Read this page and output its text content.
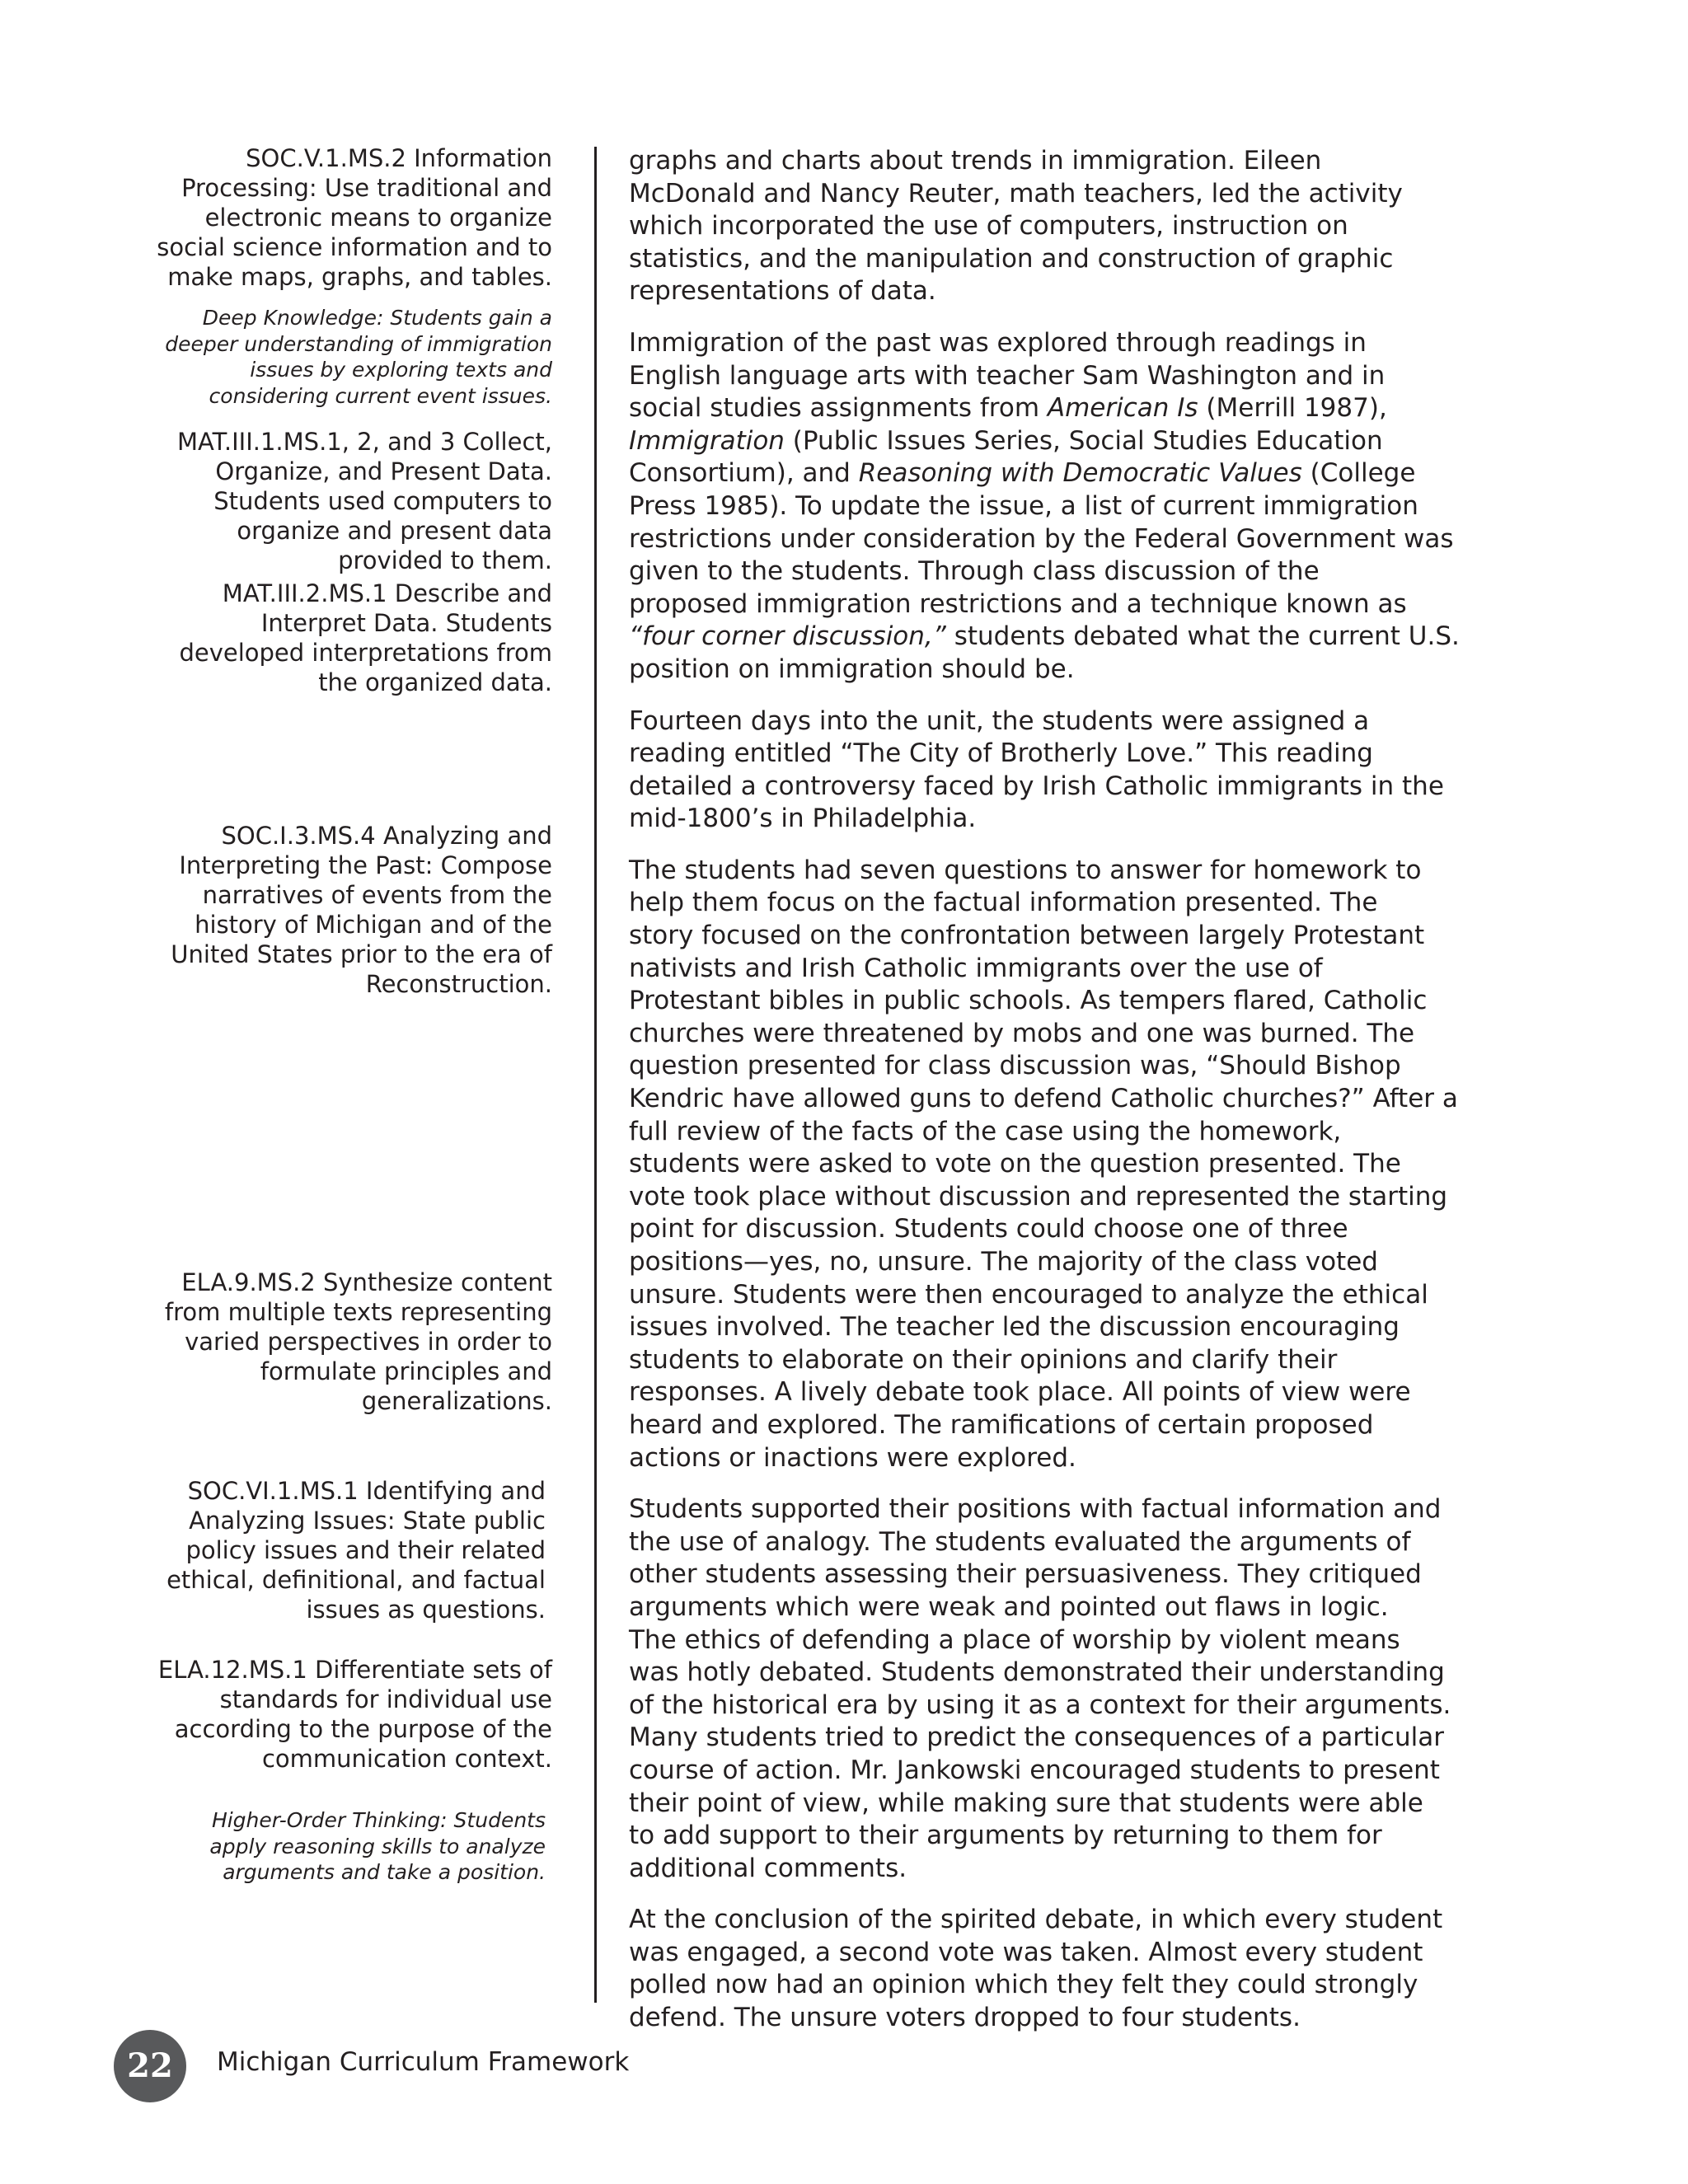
SOC.V.1.MS.2 Information
Processing: Use traditional and
electronic means to organize
social science information and to
make maps, graphs, and tables.

Deep Knowledge: Students gain a
deeper understanding of immigration
issues by exploring texts and
considering current event issues.

MAT.III.1.MS.1, 2, and 3 Collect,
Organize, and Present Data.
Students used computers to
organize and present data
provided to them.

MAT.III.2.MS.1 Describe and
Interpret Data. Students
developed interpretations from
the organized data.

SOC.I.3.MS.4 Analyzing and
Interpreting the Past: Compose
narratives of events from the
history of Michigan and of the
United States prior to the era of
Reconstruction.

ELA.9.MS.2 Synthesize content
from multiple texts representing
varied perspectives in order to
formulate principles and
generalizations.

SOC.VI.1.MS.1 Identifying and
Analyzing Issues: State public
policy issues and their related
ethical, definitional, and factual
issues as questions.

ELA.12.MS.1 Differentiate sets of
standards for individual use
according to the purpose of the
communication context.

Higher-Order Thinking: Students
apply reasoning skills to analyze
arguments and take a position.

graphs and charts about trends in immigration. Eileen
McDonald and Nancy Reuter, math teachers, led the activity
which incorporated the use of computers, instruction on
statistics, and the manipulation and construction of graphic
representations of data.

Immigration of the past was explored through readings in
English language arts with teacher Sam Washington and in
social studies assignments from American Is (Merrill 1987),
Immigration (Public Issues Series, Social Studies Education
Consortium), and Reasoning with Democratic Values (College
Press 1985). To update the issue, a list of current immigration
restrictions under consideration by the Federal Government was
given to the students. Through class discussion of the
proposed immigration restrictions and a technique known as
“four corner discussion,” students debated what the current U.S.
position on immigration should be.

Fourteen days into the unit, the students were assigned a
reading entitled “The City of Brotherly Love.” This reading
detailed a controversy faced by Irish Catholic immigrants in the
mid-1800’s in Philadelphia.

The students had seven questions to answer for homework to
help them focus on the factual information presented. The
story focused on the confrontation between largely Protestant
nativists and Irish Catholic immigrants over the use of
Protestant bibles in public schools. As tempers flared, Catholic
churches were threatened by mobs and one was burned. The
question presented for class discussion was, “Should Bishop
Kendric have allowed guns to defend Catholic churches?” After a
full review of the facts of the case using the homework,
students were asked to vote on the question presented. The
vote took place without discussion and represented the starting
point for discussion. Students could choose one of three
positions—yes, no, unsure. The majority of the class voted
unsure. Students were then encouraged to analyze the ethical
issues involved. The teacher led the discussion encouraging
students to elaborate on their opinions and clarify their
responses. A lively debate took place. All points of view were
heard and explored. The ramifications of certain proposed
actions or inactions were explored.

Students supported their positions with factual information and
the use of analogy. The students evaluated the arguments of
other students assessing their persuasiveness. They critiqued
arguments which were weak and pointed out flaws in logic.
The ethics of defending a place of worship by violent means
was hotly debated. Students demonstrated their understanding
of the historical era by using it as a context for their arguments.
Many students tried to predict the consequences of a particular
course of action. Mr. Jankowski encouraged students to present
their point of view, while making sure that students were able
to add support to their arguments by returning to them for
additional comments.

At the conclusion of the spirited debate, in which every student
was engaged, a second vote was taken. Almost every student
polled now had an opinion which they felt they could strongly
defend. The unsure voters dropped to four students.

22	Michigan Curriculum Framework
